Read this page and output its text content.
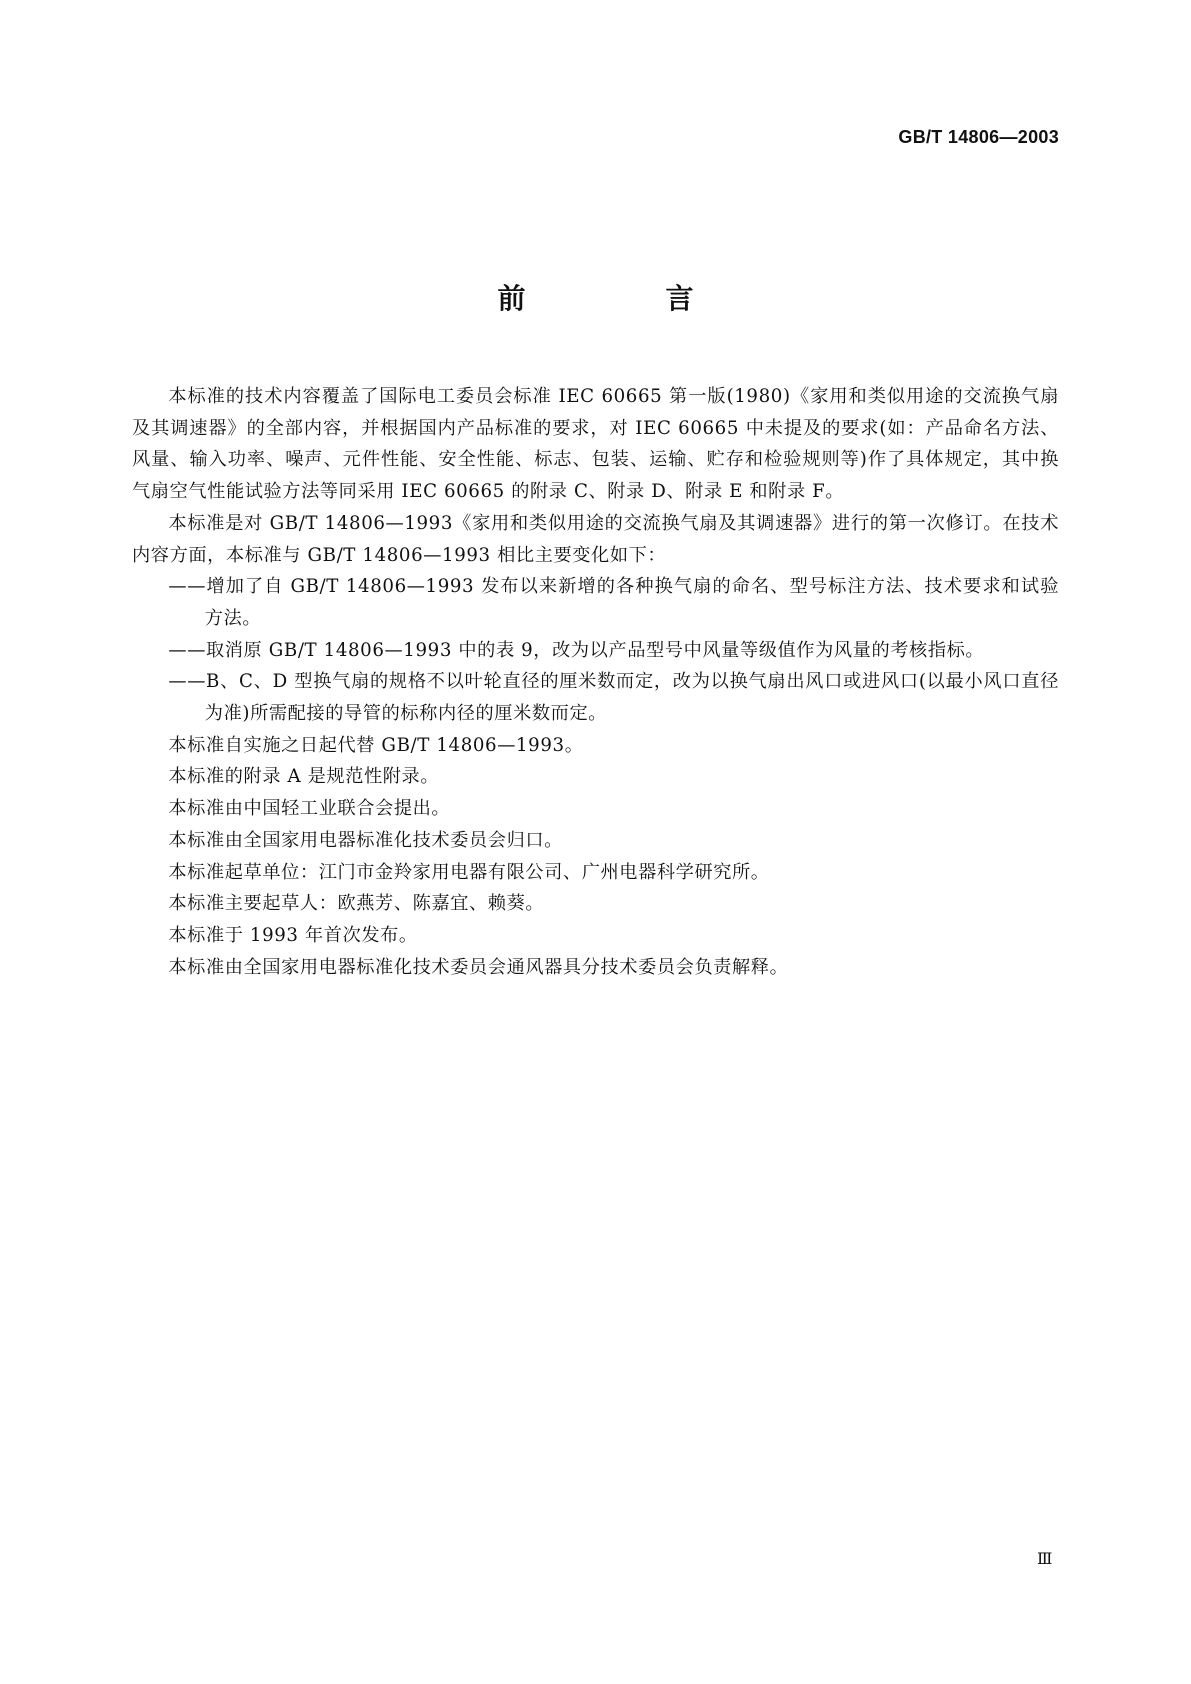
GB/T 14806—2003
前　言

本标准的技术内容覆盖了国际电工委员会标准 IEC 60665 第一版(1980)《家用和类似用途的交流换气扇及其调速器》的全部内容，并根据国内产品标准的要求，对 IEC 60665 中未提及的要求(如：产品命名方法、风量、输入功率、噪声、元件性能、安全性能、标志、包装、运输、贮存和检验规则等)作了具体规定，其中换气扇空气性能试验方法等同采用 IEC 60665 的附录 C、附录 D、附录 E 和附录 F。

本标准是对 GB/T 14806—1993《家用和类似用途的交流换气扇及其调速器》进行的第一次修订。在技术内容方面，本标准与 GB/T 14806—1993 相比主要变化如下：

——增加了自 GB/T 14806—1993 发布以来新增的各种换气扇的命名、型号标注方法、技术要求和试验方法。

——取消原 GB/T 14806—1993 中的表 9，改为以产品型号中风量等级值作为风量的考核指标。

——B、C、D 型换气扇的规格不以叶轮直径的厘米数而定，改为以换气扇出风口或进风口(以最小风口直径为准)所需配接的导管的标称内径的厘米数而定。

本标准自实施之日起代替 GB/T 14806—1993。

本标准的附录 A 是规范性附录。

本标准由中国轻工业联合会提出。

本标准由全国家用电器标准化技术委员会归口。

本标准起草单位：江门市金羚家用电器有限公司、广州电器科学研究所。

本标准主要起草人：欧燕芳、陈嘉宜、赖葵。

本标准于 1993 年首次发布。

本标准由全国家用电器标准化技术委员会通风器具分技术委员会负责解释。

Ⅲ
